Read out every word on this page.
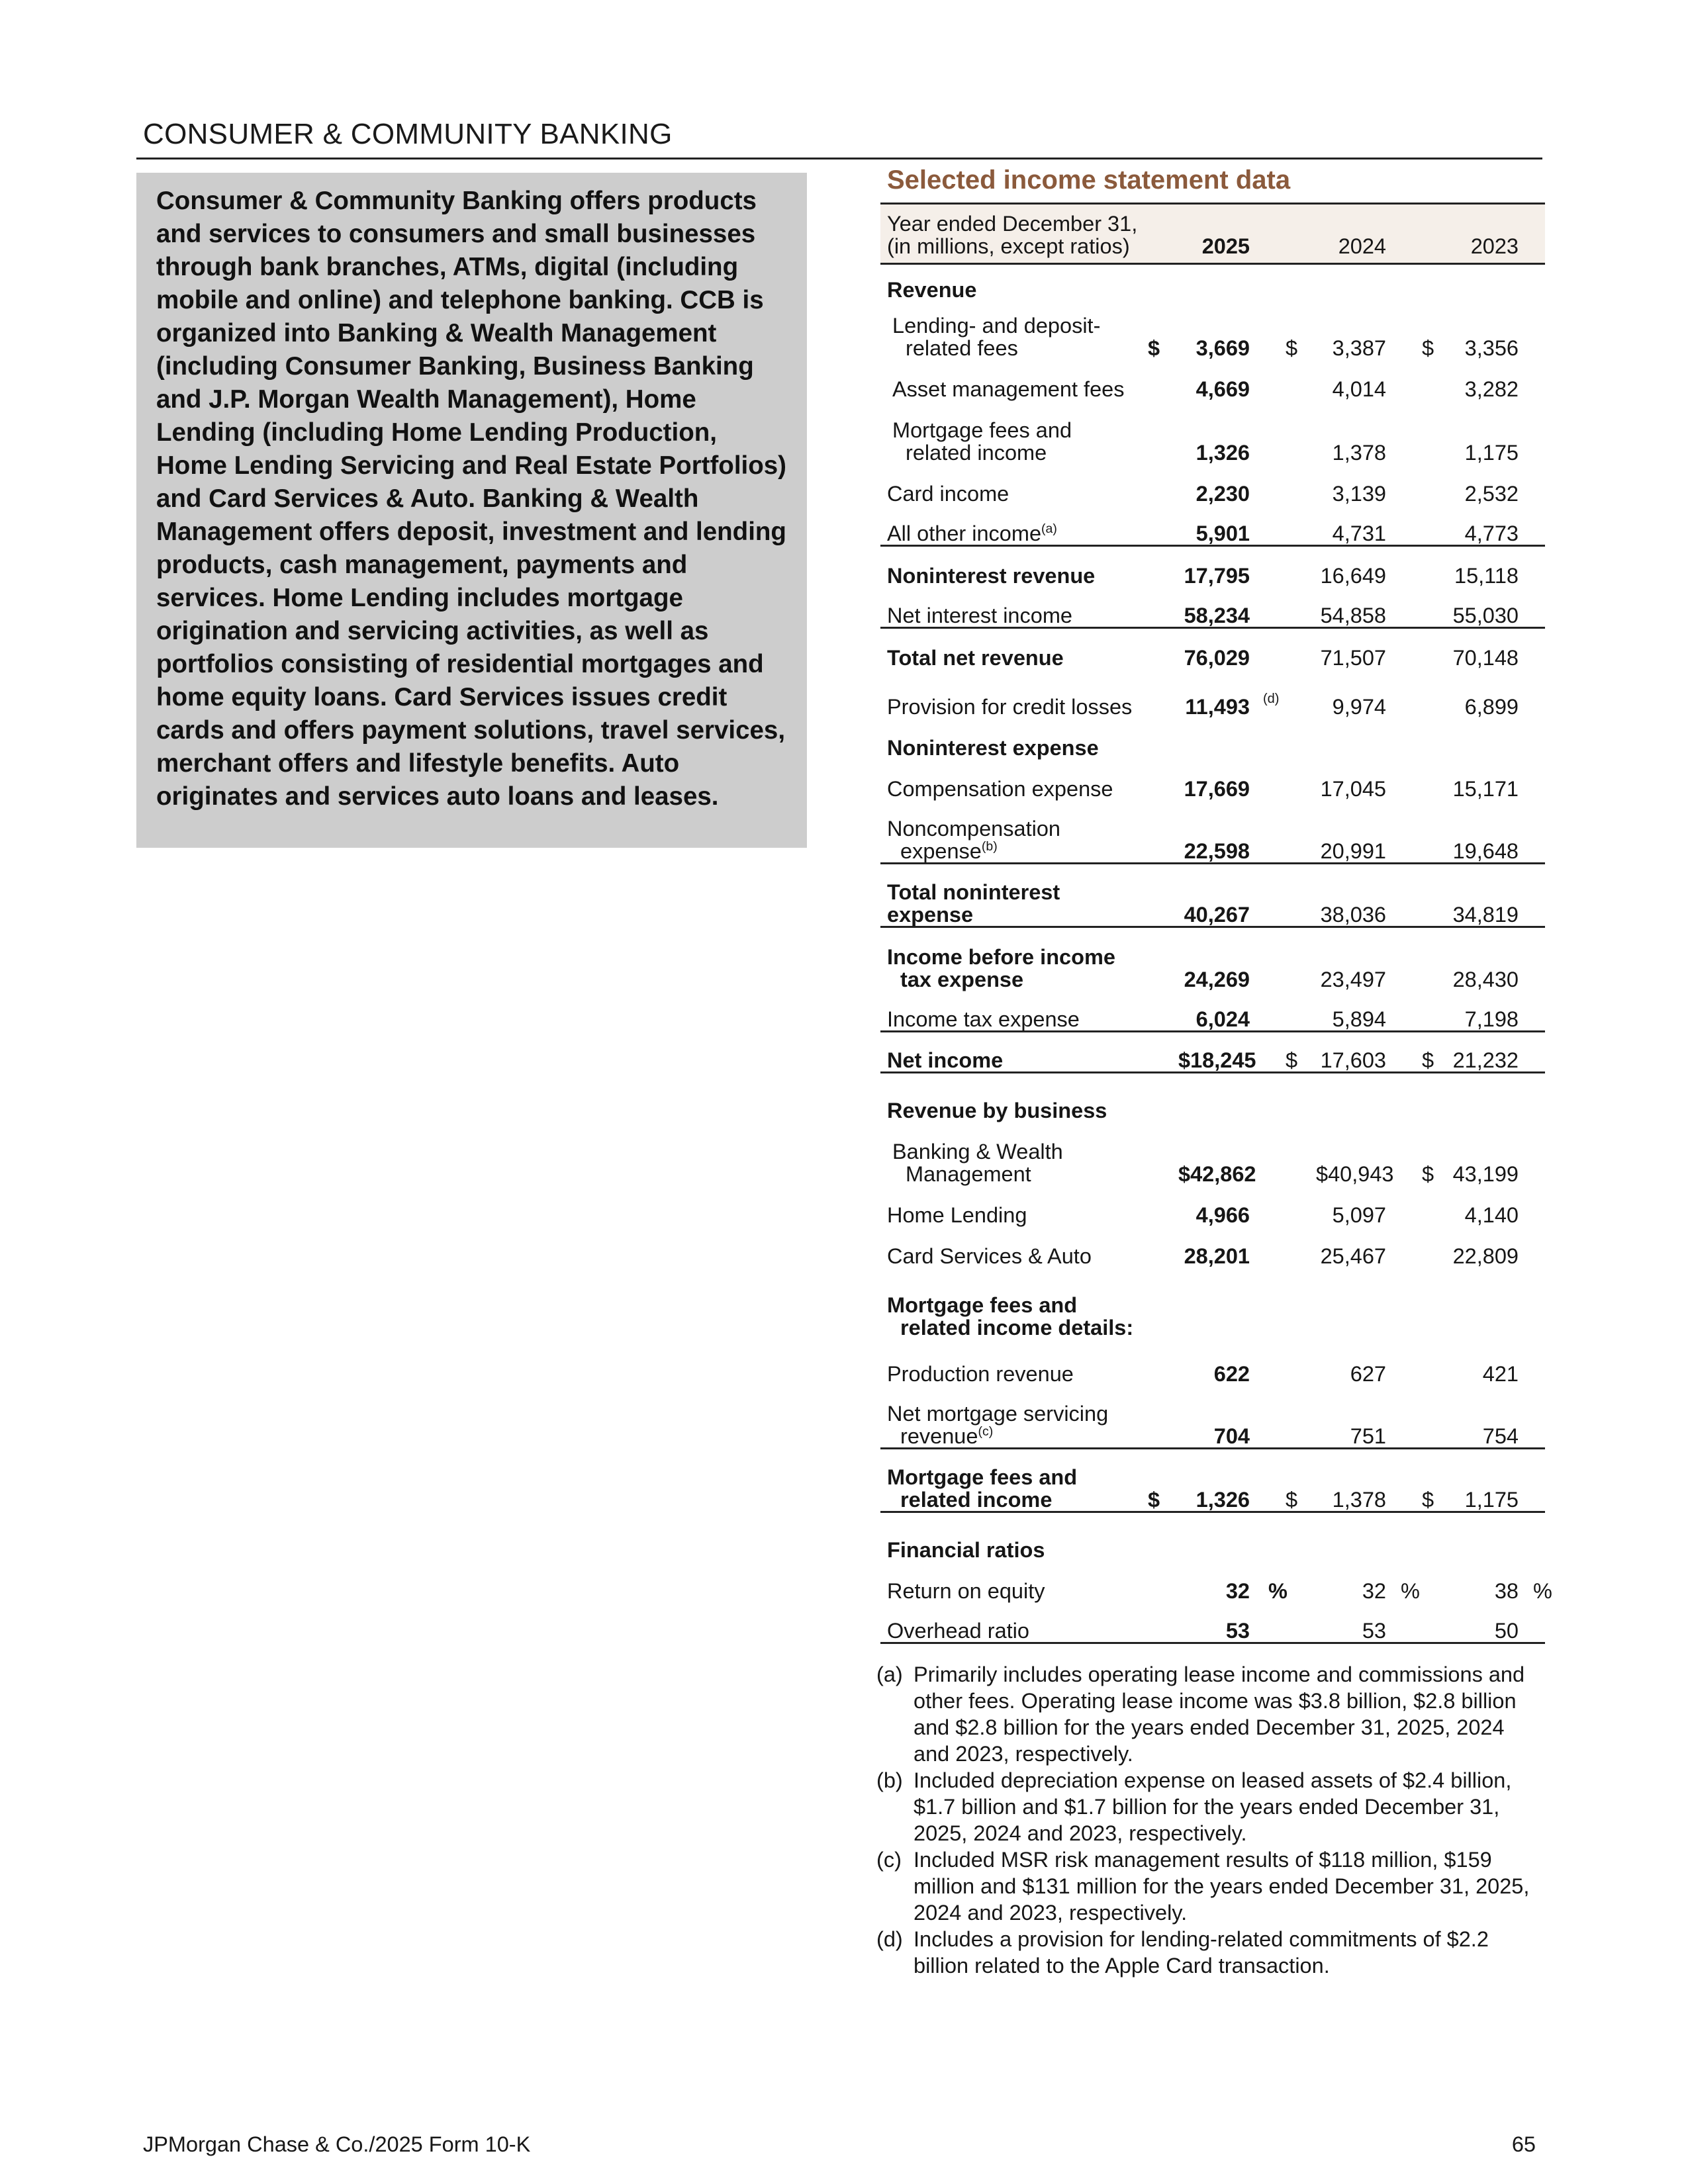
CONSUMER & COMMUNITY BANKING
Consumer & Community Banking offers products and services to consumers and small businesses through bank branches, ATMs, digital (including mobile and online) and telephone banking. CCB is organized into Banking & Wealth Management (including Consumer Banking, Business Banking and J.P. Morgan Wealth Management), Home Lending (including Home Lending Production, Home Lending Servicing and Real Estate Portfolios) and Card Services & Auto. Banking & Wealth Management offers deposit, investment and lending products, cash management, payments and services. Home Lending includes mortgage origination and servicing activities, as well as portfolios consisting of residential mortgages and home equity loans. Card Services issues credit cards and offers payment solutions, travel services, merchant offers and lifestyle benefits. Auto originates and services auto loans and leases.
Selected income statement data
Year ended December 31,
(in millions, except ratios)		2025			2024			2023	
Revenue									
Lending- and deposit-
related fees	$	3,669		$	3,387		$	3,356	
Asset management fees		4,669			4,014			3,282	
Mortgage fees and
related income		1,326			1,378			1,175	
Card income		2,230			3,139			2,532	
All other income$^{(a)}$		5,901			4,731			4,773	
Noninterest revenue		17,795			16,649			15,118	
Net interest income		58,234			54,858			55,030	
Total net revenue		76,029			71,507			70,148	
Provision for credit losses		11,493	(d)		9,974			6,899	
Noninterest expense									
Compensation expense		17,669			17,045			15,171	
Noncompensation
expense$^{(b)}$		22,598			20,991			19,648	
Total noninterest
expense		40,267			38,036			34,819	
Income before income
tax expense		24,269			23,497			28,430	
Income tax expense		6,024			5,894			7,198	
Net income		$18,245		$	17,603		$	21,232	
Revenue by business									
Banking & Wealth
Management		$42,862			$40,943		$	43,199	
Home Lending		4,966			5,097			4,140	
Card Services & Auto		28,201			25,467			22,809	
Mortgage fees and
related income details:									
Production revenue		622			627			421	
Net mortgage servicing
revenue$^{(c)}$		704			751			754	
Mortgage fees and
related income	$	1,326		$	1,378		$	1,175	
Financial ratios									
Return on equity		32	%		32	%		38	%
Overhead ratio		53			53			50	
(a) Primarily includes operating lease income and commissions and other fees. Operating lease income was $3.8 billion, $2.8 billion and $2.8 billion for the years ended December 31, 2025, 2024 and 2023, respectively.
(b) Included depreciation expense on leased assets of $2.4 billion, $1.7 billion and $1.7 billion for the years ended December 31, 2025, 2024 and 2023, respectively.
(c) Included MSR risk management results of $118 million, $159 million and $131 million for the years ended December 31, 2025, 2024 and 2023, respectively.
(d) Includes a provision for lending-related commitments of $2.2 billion related to the Apple Card transaction.
JPMorgan Chase & Co./2025 Form 10-K	65
